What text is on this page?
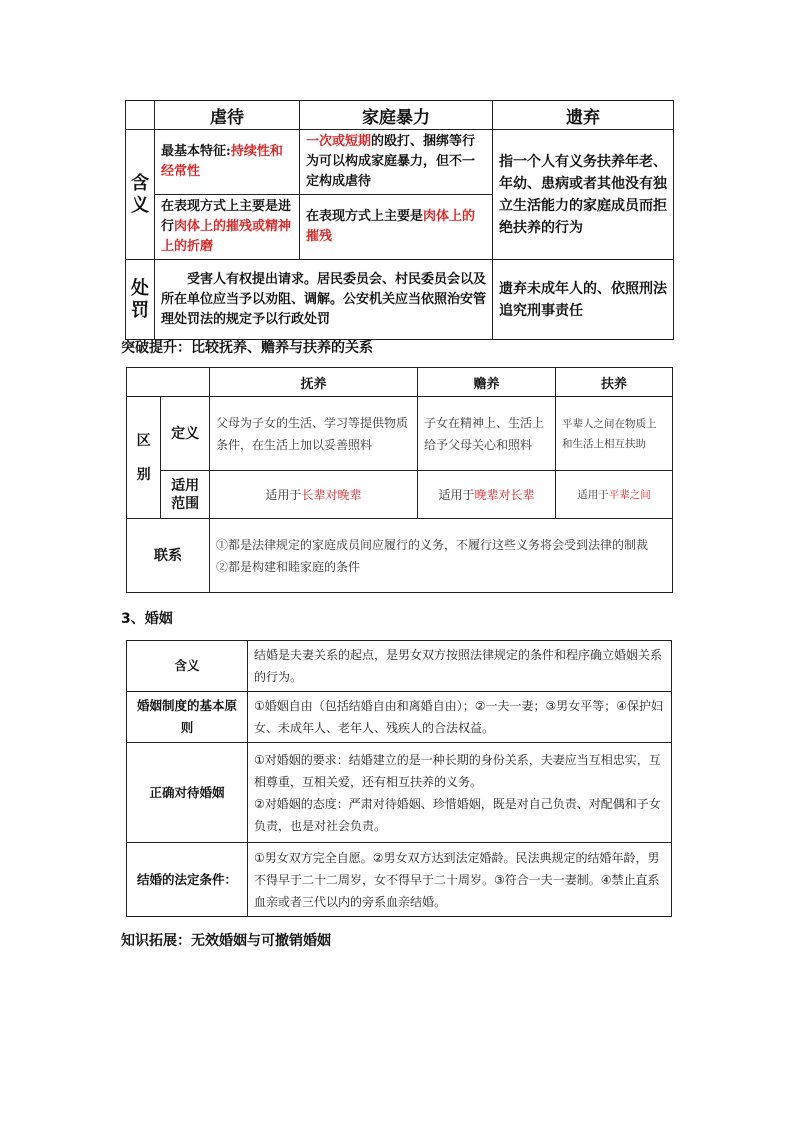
	虐待	家庭暴力	遗弃
含义	最基本特征:持续性和经常性	一次或短期的殴打、捆绑等行为可以构成家庭暴力，但不一定构成虐待	指一个人有义务扶养年老、年幼、患病或者其他没有独立生活能力的家庭成员而拒绝扶养的行为
	在表现方式上主要是进行肉体上的摧残或精神上的折磨	在表现方式上主要是肉体上的摧残	
处罚	受害人有权提出请求。居民委员会、村民委员会以及所在单位应当予以劝阻、调解。公安机关应当依照治安管理处罚法的规定予以行政处罚		遗弃未成年人的、依照刑法追究刑事责任
突破提升：比较抚养、赡养与扶养的关系
		抚养	赡养	扶养
区别	定义	父母为子女的生活、学习等提供物质条件，在生活上加以妥善照料	子女在精神上、生活上给予父母关心和照料	平辈人之间在物质上和生活上相互扶助
	适用范围	适用于长辈对晚辈	适用于晚辈对长辈	适用于平辈之间
联系		①都是法律规定的家庭成员间应履行的义务，不履行这些义务将会受到法律的制裁
②都是构建和睦家庭的条件		
3、婚姻
含义	结婚是夫妻关系的起点，是男女双方按照法律规定的条件和程序确立婚姻关系的行为。
婚姻制度的基本原则	①婚姻自由（包括结婚自由和离婚自由）；②一夫一妻；③男女平等；④保护妇女、未成年人、老年人、残疾人的合法权益。
正确对待婚姻	①对婚姻的要求：结婚建立的是一种长期的身份关系，夫妻应当互相忠实，互相尊重，互相关爱，还有相互扶养的义务。
②对婚姻的态度：严肃对待婚姻、珍惜婚姻，既是对自己负责、对配偶和子女负责，也是对社会负责。

结婚的法定条件：	①男女双方完全自愿。②男女双方达到法定婚龄。民法典规定的结婚年龄，男不得早于二十二周岁，女不得早于二十周岁。③符合一夫一妻制。④禁止直系血亲或者三代以内的旁系血亲结婚。
知识拓展：无效婚姻与可撤销婚姻
